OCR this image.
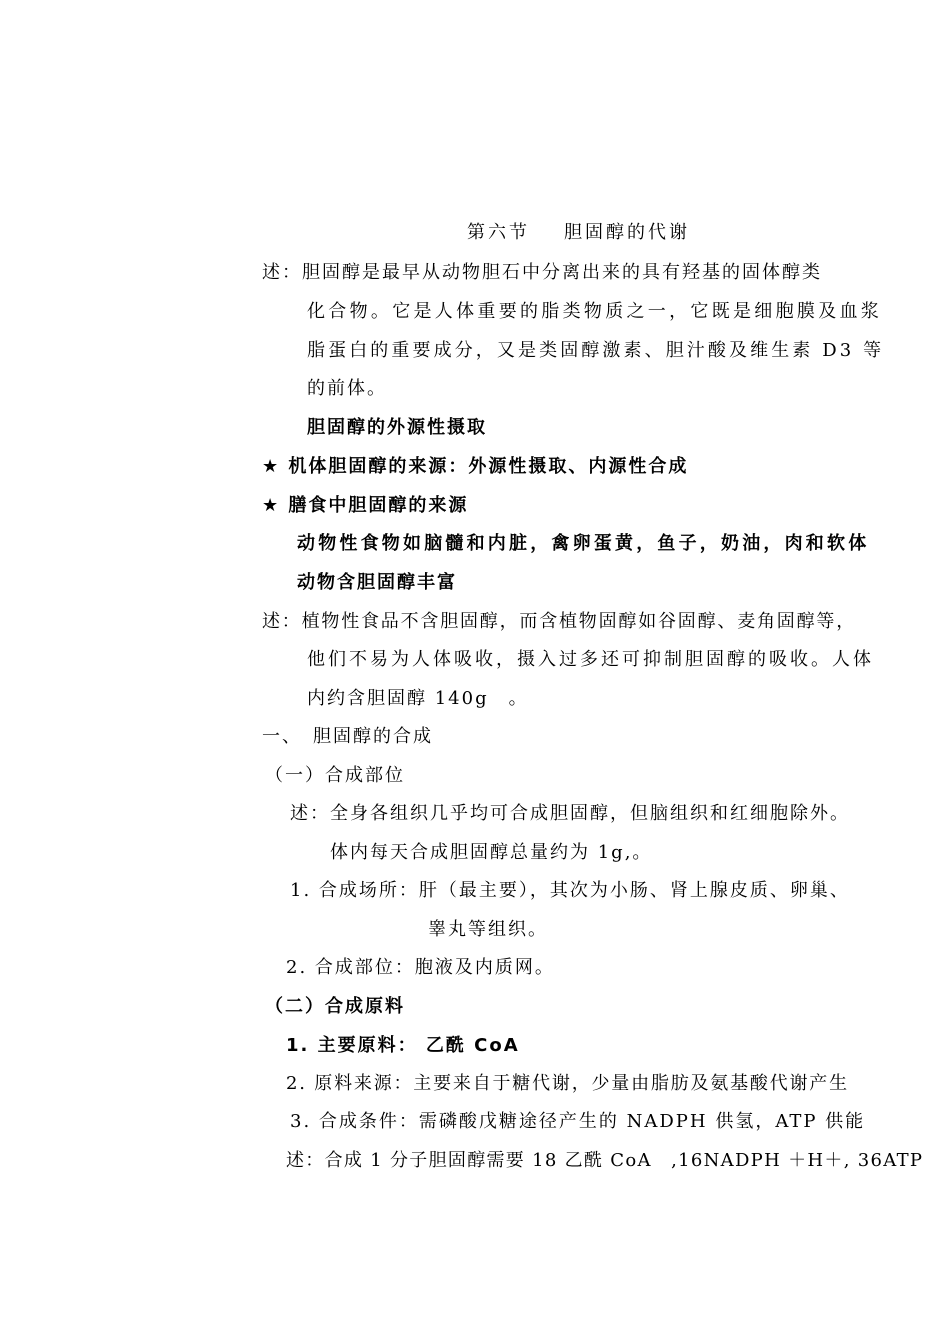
第六节 胆固醇的代谢
述：胆固醇是最早从动物胆石中分离出来的具有羟基的固体醇类
化合物。它是人体重要的脂类物质之一，它既是细胞膜及血浆
脂蛋白的重要成分，又是类固醇激素、胆汁酸及维生素 D3 等
的前体。
胆固醇的外源性摄取
★ 机体胆固醇的来源：外源性摄取、内源性合成
★ 膳食中胆固醇的来源
动物性食物如脑髓和内脏，禽卵蛋黄，鱼子，奶油，肉和软体
动物含胆固醇丰富
述：植物性食品不含胆固醇，而含植物固醇如谷固醇、麦角固醇等，
他们不易为人体吸收，摄入过多还可抑制胆固醇的吸收。人体
内约含胆固醇 140g　。
一、　胆固醇的合成
（一）合成部位
述：全身各组织几乎均可合成胆固醇，但脑组织和红细胞除外。
体内每天合成胆固醇总量约为 1g,。
1. 合成场所：肝（最主要），其次为小肠、肾上腺皮质、卵巢、
睾丸等组织。
2. 合成部位：胞液及内质网。
（二）合成原料
1. 主要原料： 乙酰 CoA
2. 原料来源：主要来自于糖代谢，少量由脂肪及氨基酸代谢产生
3. 合成条件：需磷酸戊糖途径产生的 NADPH 供氢，ATP 供能
述：合成 1 分子胆固醇需要 18 乙酰 CoA　,16NADPH ＋H＋, 36ATP
